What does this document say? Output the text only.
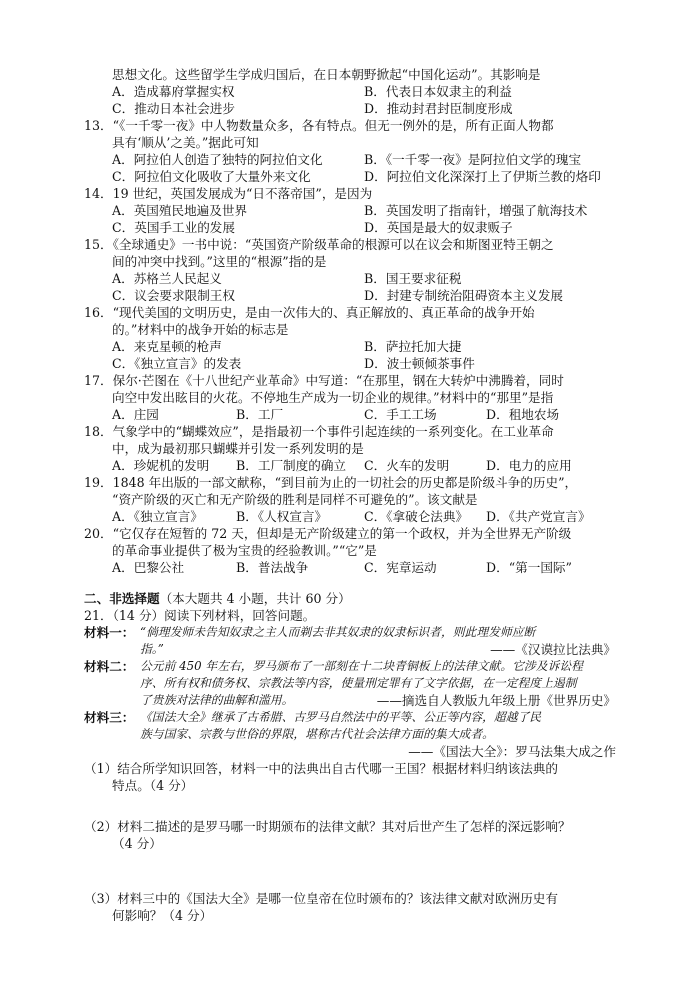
思想文化。这些留学生学成归国后，在日本朝野掀起“中国化运动”。其影响是
A．造成幕府掌握实权	B．代表日本奴隶主的利益
C．推动日本社会进步	D．推动封君封臣制度形成
13．“《一千零一夜》中人物数量众多，各有特点。但无一例外的是，所有正面人物都
具有‘顺从’之美。”据此可知
A．阿拉伯人创造了独特的阿拉伯文化	B．《一千零一夜》是阿拉伯文学的瑰宝
C．阿拉伯文化吸收了大量外来文化	D．阿拉伯文化深深打上了伊斯兰教的烙印
14．19 世纪，英国发展成为“日不落帝国”，是因为
A．英国殖民地遍及世界	B．英国发明了指南针，增强了航海技术
C．英国手工业的发展	D．英国是最大的奴隶贩子
15．《全球通史》一书中说：“英国资产阶级革命的根源可以在议会和斯图亚特王朝之
间的冲突中找到。”这里的“根源”指的是
A．苏格兰人民起义	B．国王要求征税
C．议会要求限制王权	D．封建专制统治阻碍资本主义发展
16．“现代美国的文明历史，是由一次伟大的、真正解放的、真正革命的战争开始
的。”材料中的战争开始的标志是
A．来克星顿的枪声	B．萨拉托加大捷
C．《独立宣言》的发表	D．波士顿倾茶事件
17．保尔·芒图在《十八世纪产业革命》中写道：“在那里，钢在大转炉中沸腾着，同时
向空中发出眩目的火花。不停地生产成为一切企业的规律。”材料中的“那里”是指
A．庄园	B．工厂	C．手工工场	D．租地农场
18．气象学中的“蝴蝶效应”，是指最初一个事件引起连续的一系列变化。在工业革命
中，成为最初那只蝴蝶并引发一系列发明的是
A．珍妮机的发明 B．工厂制度的确立 C．火车的发明	D．电力的应用
19．1848 年出版的一部文献称，“到目前为止的一切社会的历史都是阶级斗争的历史”，
“资产阶级的灭亡和无产阶级的胜利是同样不可避免的”。该文献是
A．《独立宣言》	B．《人权宣言》	C．《拿破仑法典》 D．《共产党宣言》
20．“它仅存在短暂的 72 天，但却是无产阶级建立的第一个政权，并为全世界无产阶级
的革命事业提供了极为宝贵的经验教训。”“它”是
A．巴黎公社	B．普法战争	C．宪章运动	D．“第一国际”
二、非选择题（本大题共 4 小题，共计 60 分）
21．（14 分）阅读下列材料，回答问题。
材料一： “倘理发师未告知奴隶之主人而剃去非其奴隶的奴隶标识者，则此理发师应断
指。”	——《汉谟拉比法典》
材料二： 公元前 450 年左右，罗马颁布了一部刻在十二块青铜板上的法律文献。它涉及诉讼程
序、所有权和债务权、宗教法等内容，使量刑定罪有了文字依据，在一定程度上遏制
了贵族对法律的曲解和滥用。	——摘选自人教版九年级上册《世界历史》
材料三： 《国法大全》继承了古希腊、古罗马自然法中的平等、公正等内容，超越了民
族与国家、宗教与世俗的界限，堪称古代社会法律方面的集大成者。
——《国法大全》：罗马法集大成之作
（1）结合所学知识回答，材料一中的法典出自古代哪一王国？根据材料归纳该法典的
特点。（4 分）
（2）材料二描述的是罗马哪一时期颁布的法律文献？其对后世产生了怎样的深远影响？
（4 分）
（3）材料三中的《国法大全》是哪一位皇帝在位时颁布的？该法律文献对欧洲历史有
何影响？（4 分）
